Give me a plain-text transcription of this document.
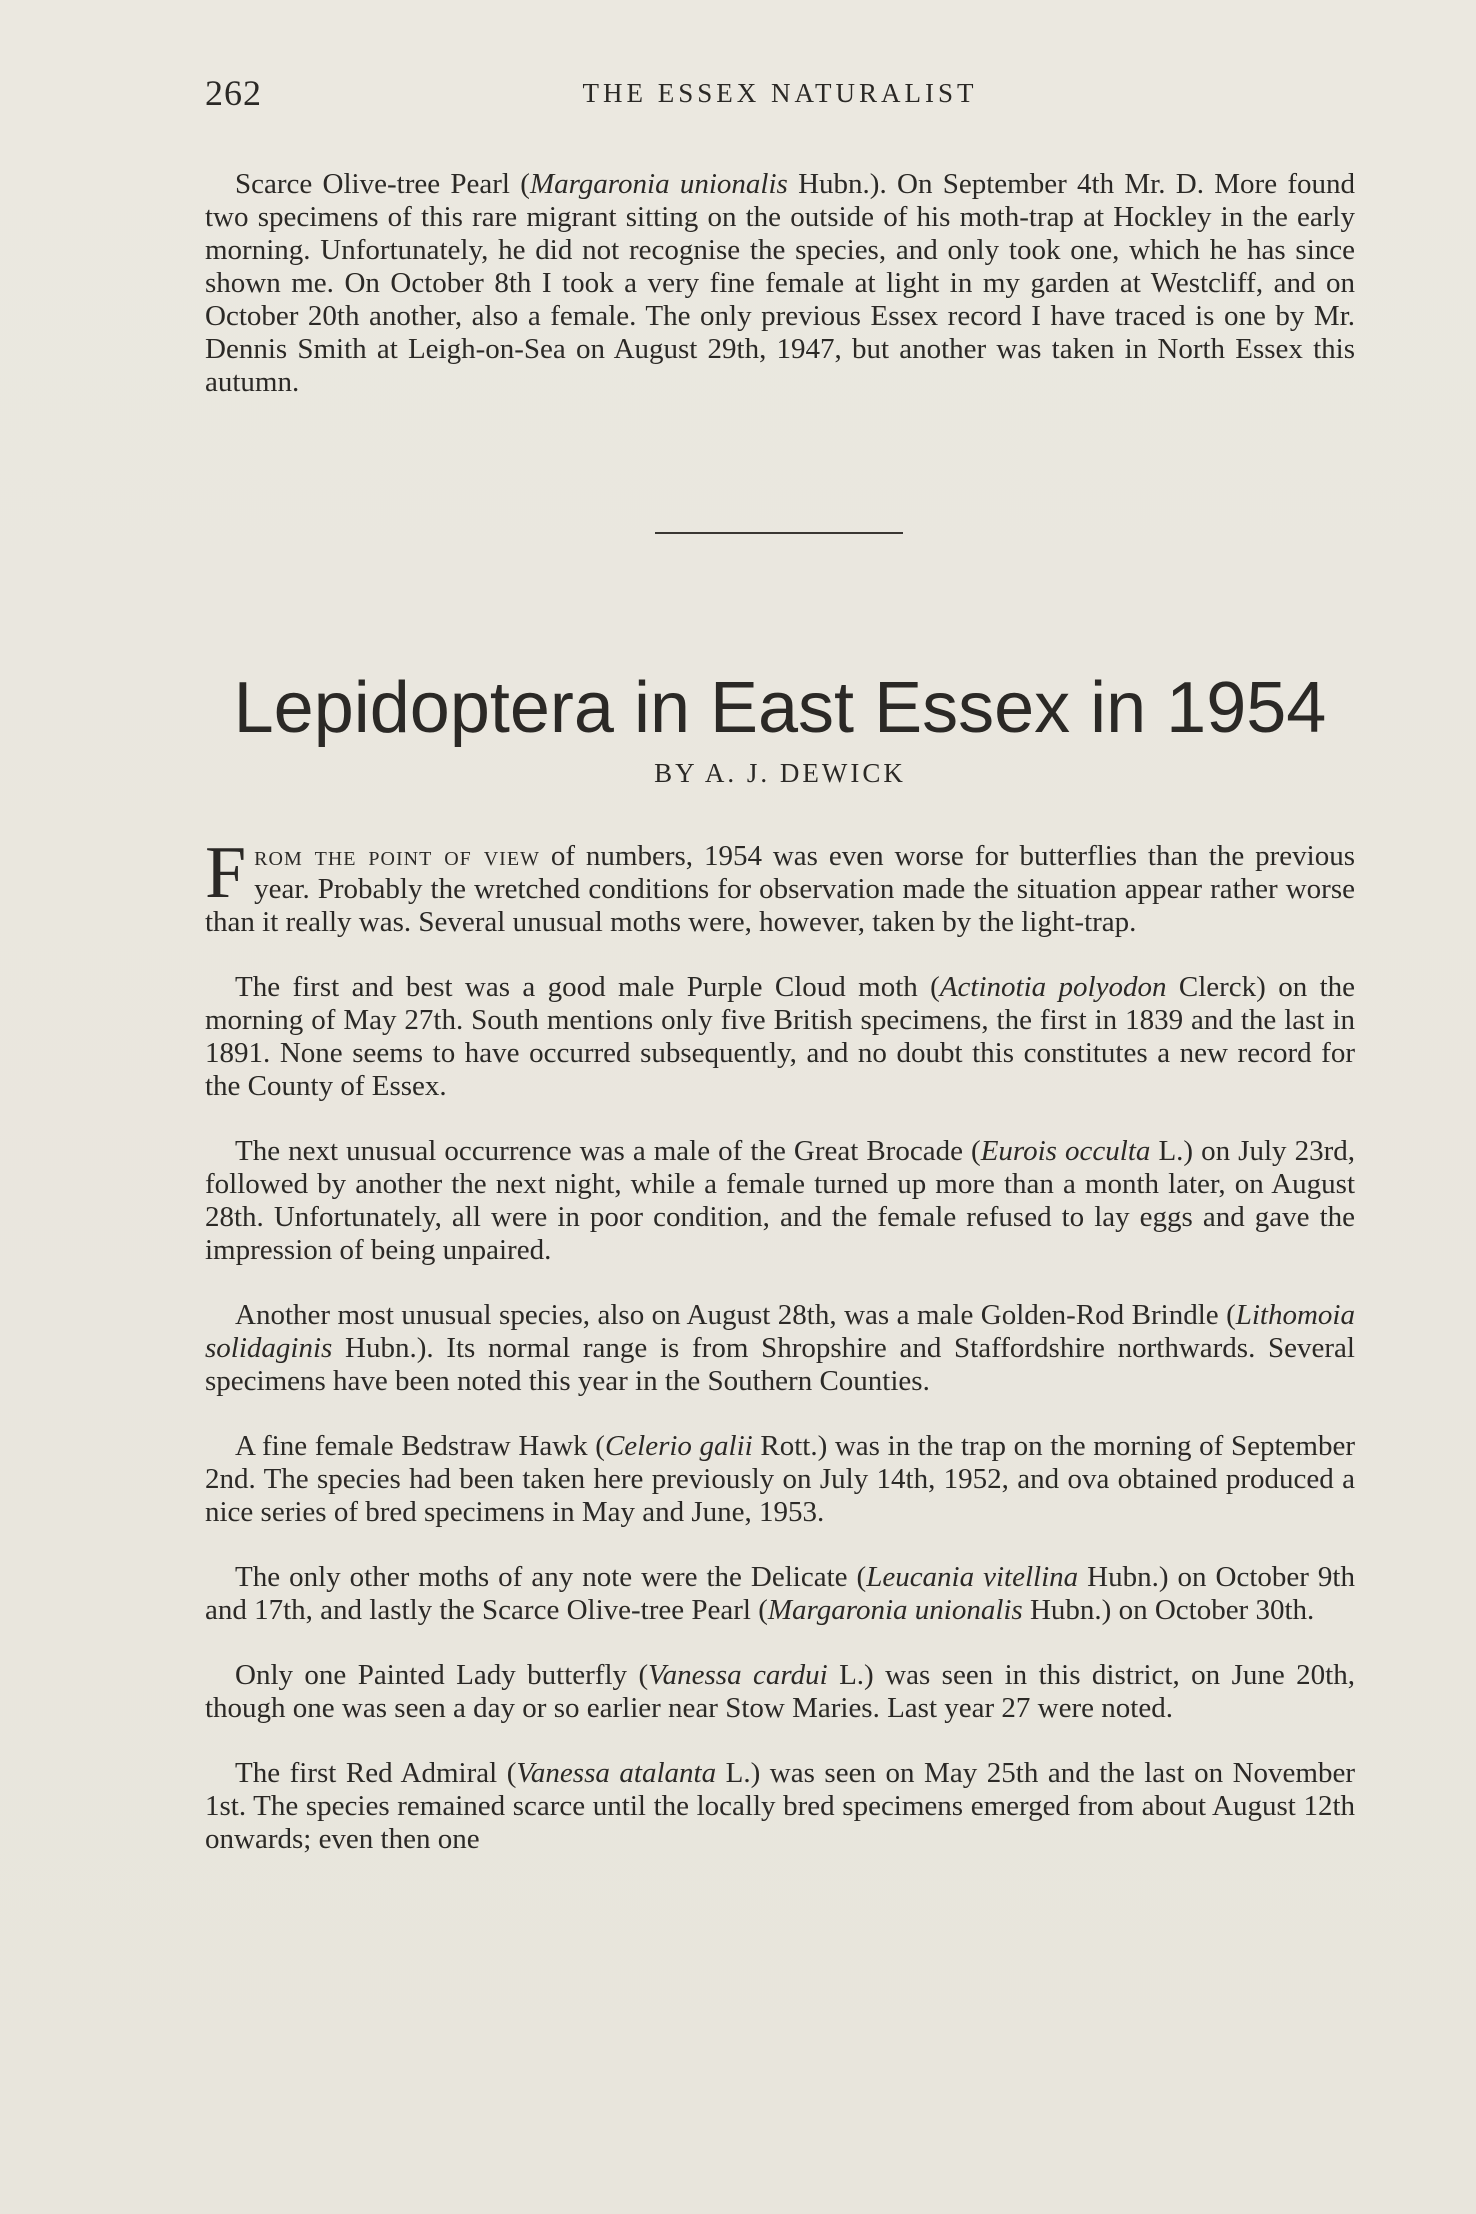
262	THE ESSEX NATURALIST

Scarce Olive-tree Pearl (Margaronia unionalis Hubn.). On September 4th Mr. D. More found two specimens of this rare migrant sitting on the outside of his moth-trap at Hockley in the early morning. Unfortunately, he did not recognise the species, and only took one, which he has since shown me. On October 8th I took a very fine female at light in my garden at Westcliff, and on October 20th another, also a female. The only previous Essex record I have traced is one by Mr. Dennis Smith at Leigh-on-Sea on August 29th, 1947, but another was taken in North Essex this autumn.

Lepidoptera in East Essex in 1954
BY A. J. DEWICK

From the point of view of numbers, 1954 was even worse for butterflies than the previous year. Probably the wretched conditions for observation made the situation appear rather worse than it really was. Several unusual moths were, however, taken by the light-trap.

The first and best was a good male Purple Cloud moth (Actinotia polyodon Clerck) on the morning of May 27th. South mentions only five British specimens, the first in 1839 and the last in 1891. None seems to have occurred subsequently, and no doubt this constitutes a new record for the County of Essex.

The next unusual occurrence was a male of the Great Brocade (Eurois occulta L.) on July 23rd, followed by another the next night, while a female turned up more than a month later, on August 28th. Unfortunately, all were in poor condition, and the female refused to lay eggs and gave the impression of being unpaired.

Another most unusual species, also on August 28th, was a male Golden-Rod Brindle (Lithomoia solidaginis Hubn.). Its normal range is from Shropshire and Staffordshire northwards. Several specimens have been noted this year in the Southern Counties.

A fine female Bedstraw Hawk (Celerio galii Rott.) was in the trap on the morning of September 2nd. The species had been taken here previously on July 14th, 1952, and ova obtained produced a nice series of bred specimens in May and June, 1953.

The only other moths of any note were the Delicate (Leucania vitellina Hubn.) on October 9th and 17th, and lastly the Scarce Olive-tree Pearl (Margaronia unionalis Hubn.) on October 30th.

Only one Painted Lady butterfly (Vanessa cardui L.) was seen in this district, on June 20th, though one was seen a day or so earlier near Stow Maries. Last year 27 were noted.

The first Red Admiral (Vanessa atalanta L.) was seen on May 25th and the last on November 1st. The species remained scarce until the locally bred specimens emerged from about August 12th onwards; even then one
